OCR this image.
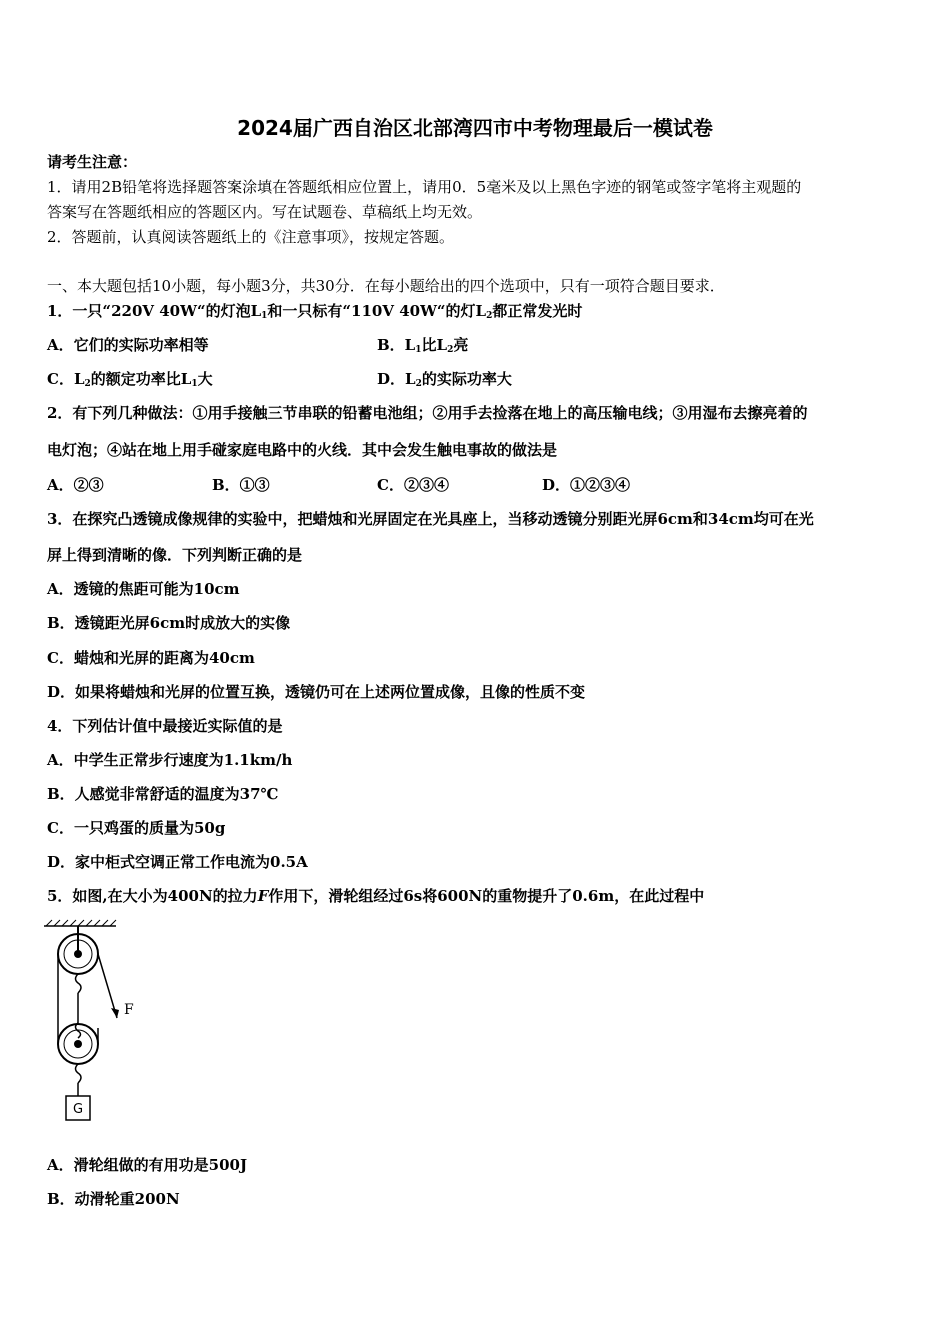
2024届广西自治区北部湾四市中考物理最后一模试卷
请考生注意：
1．请用2B铅笔将选择题答案涂填在答题纸相应位置上，请用0．5毫米及以上黑色字迹的钢笔或签字笔将主观题的
答案写在答题纸相应的答题区内。写在试题卷、草稿纸上均无效。
2．答题前，认真阅读答题纸上的《注意事项》，按规定答题。
一、本大题包括10小题，每小题3分，共30分．在每小题给出的四个选项中，只有一项符合题目要求．
1．一只“220V 40W“的灯泡$L_1$和一只标有“110V 40W“的灯$L_2$都正常发光时
A．它们的实际功率相等	B．$L_1$比$L_2$亮
C．$L_2$的额定功率比$L_1$大	D．$L_2$的实际功率大
2．有下列几种做法：①用手接触三节串联的铅蓄电池组；②用手去捡落在地上的高压输电线；③用湿布去擦亮着的
电灯泡；④站在地上用手碰家庭电路中的火线．其中会发生触电事故的做法是
A．②③	B．①③	C．②③④	D．①②③④
3．在探究凸透镜成像规律的实验中，把蜡烛和光屏固定在光具座上，当移动透镜分别距光屏6cm和34cm均可在光
屏上得到清晰的像．下列判断正确的是
A．透镜的焦距可能为10cm
B．透镜距光屏6cm时成放大的实像
C．蜡烛和光屏的距离为40cm
D．如果将蜡烛和光屏的位置互换，透镜仍可在上述两位置成像，且像的性质不变
4．下列估计值中最接近实际值的是
A．中学生正常步行速度为1.1km/h
B．人感觉非常舒适的温度为37℃
C．一只鸡蛋的质量为50g
D．家中柜式空调正常工作电流为0.5A
5．如图,在大小为400N的拉力F作用下，滑轮组经过6s将600N的重物提升了0.6m，在此过程中
F
G
A．滑轮组做的有用功是500J
B．动滑轮重200N
